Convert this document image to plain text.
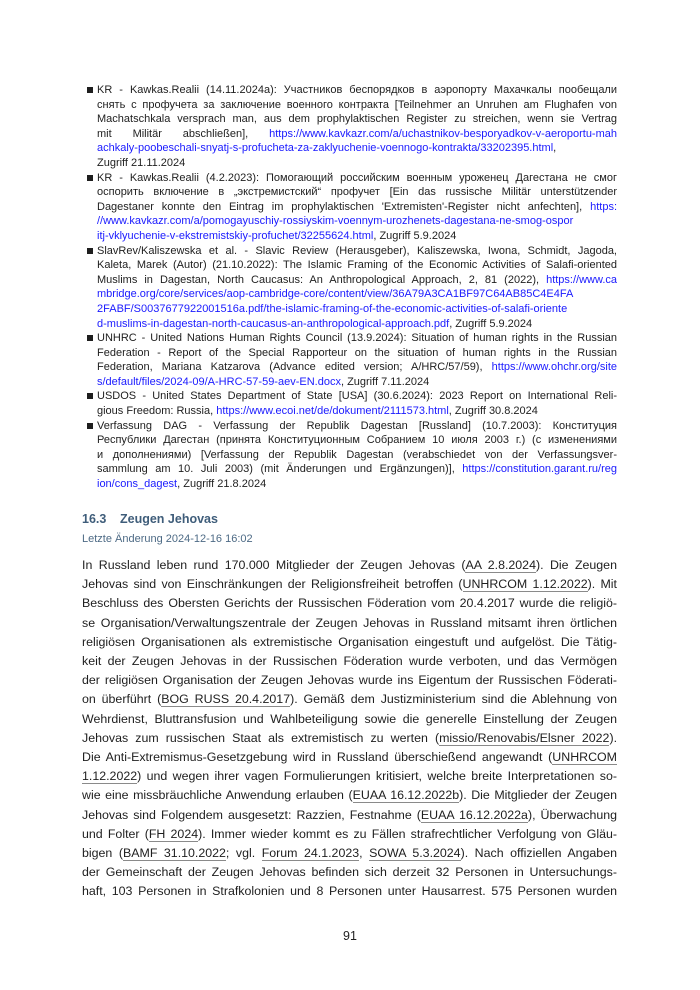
KR - Kawkas.Realii (14.11.2024a): Участников беспорядков в аэропорту Махачкалы пообещали
снять с профучета за заключение военного контракта [Teilnehmer an Unruhen am Flughafen von
Machatschkala versprach man, aus dem prophylaktischen Register zu streichen, wenn sie Vertrag
mit Militär abschließen], https://www.kavkazr.com/a/uchastnikov-besporyadkov-v-aeroportu-mah
achkaly-poobeschali-snyatj-s-profucheta-za-zaklyuchenie-voennogo-kontrakta/33202395.html,
Zugriff 21.11.2024
KR - Kawkas.Realii (4.2.2023): Помогающий российским военным уроженец Дагестана не смог
оспорить включение в „экстремистский“ профучет [Ein das russische Militär unterstützender
Dagestaner konnte den Eintrag im prophylaktischen 'Extremisten'-Register nicht anfechten], https:
//www.kavkazr.com/a/pomogayuschiy-rossiyskim-voennym-urozhenets-dagestana-ne-smog-ospor
itj-vklyuchenie-v-ekstremistskiy-profuchet/32255624.html, Zugriff 5.9.2024
SlavRev/Kaliszewska et al. - Slavic Review (Herausgeber), Kaliszewska, Iwona, Schmidt, Jagoda,
Kaleta, Marek (Autor) (21.10.2022): The Islamic Framing of the Economic Activities of Salafi-oriented
Muslims in Dagestan, North Caucasus: An Anthropological Approach, 2, 81 (2022), https://www.ca
mbridge.org/core/services/aop-cambridge-core/content/view/36A79A3CA1BF97C64AB85C4E4FA
2FABF/S0037677922001516a.pdf/the-islamic-framing-of-the-economic-activities-of-salafi-oriente
d-muslims-in-dagestan-north-caucasus-an-anthropological-approach.pdf, Zugriff 5.9.2024
UNHRC - United Nations Human Rights Council (13.9.2024): Situation of human rights in the Russian
Federation - Report of the Special Rapporteur on the situation of human rights in the Russian
Federation, Mariana Katzarova (Advance edited version; A/HRC/57/59), https://www.ohchr.org/site
s/default/files/2024-09/A-HRC-57-59-aev-EN.docx, Zugriff 7.11.2024
USDOS - United States Department of State [USA] (30.6.2024): 2023 Report on International Reli-
gious Freedom: Russia, https://www.ecoi.net/de/dokument/2111573.html, Zugriff 30.8.2024
Verfassung DAG - Verfassung der Republik Dagestan [Russland] (10.7.2003): Конституция
Республики Дагестан (принята Конституционным Собранием 10 июля 2003 г.) (с изменениями
и дополнениями) [Verfassung der Republik Dagestan (verabschiedet von der Verfassungsver-
sammlung am 10. Juli 2003) (mit Änderungen und Ergänzungen)], https://constitution.garant.ru/reg
ion/cons_dagest, Zugriff 21.8.2024
16.3 Zeugen Jehovas
Letzte Änderung 2024-12-16 16:02
In Russland leben rund 170.000 Mitglieder der Zeugen Jehovas (AA 2.8.2024). Die Zeugen
Jehovas sind von Einschränkungen der Religionsfreiheit betroffen (UNHRCOM 1.12.2022). Mit
Beschluss des Obersten Gerichts der Russischen Föderation vom 20.4.2017 wurde die religiö-
se Organisation/Verwaltungszentrale der Zeugen Jehovas in Russland mitsamt ihren örtlichen
religiösen Organisationen als extremistische Organisation eingestuft und aufgelöst. Die Tätig-
keit der Zeugen Jehovas in der Russischen Föderation wurde verboten, und das Vermögen
der religiösen Organisation der Zeugen Jehovas wurde ins Eigentum der Russischen Föderati-
on überführt (BOG RUSS 20.4.2017). Gemäß dem Justizministerium sind die Ablehnung von
Wehrdienst, Bluttransfusion und Wahlbeteiligung sowie die generelle Einstellung der Zeugen
Jehovas zum russischen Staat als extremistisch zu werten (missio/Renovabis/Elsner 2022).
Die Anti-Extremismus-Gesetzgebung wird in Russland überschießend angewandt (UNHRCOM
1.12.2022) und wegen ihrer vagen Formulierungen kritisiert, welche breite Interpretationen so-
wie eine missbräuchliche Anwendung erlauben (EUAA 16.12.2022b). Die Mitglieder der Zeugen
Jehovas sind Folgendem ausgesetzt: Razzien, Festnahme (EUAA 16.12.2022a), Überwachung
und Folter (FH 2024). Immer wieder kommt es zu Fällen strafrechtlicher Verfolgung von Gläu-
bigen (BAMF 31.10.2022; vgl. Forum 24.1.2023, SOWA 5.3.2024). Nach offiziellen Angaben
der Gemeinschaft der Zeugen Jehovas befinden sich derzeit 32 Personen in Untersuchungs-
haft, 103 Personen in Strafkolonien und 8 Personen unter Hausarrest. 575 Personen wurden
91
